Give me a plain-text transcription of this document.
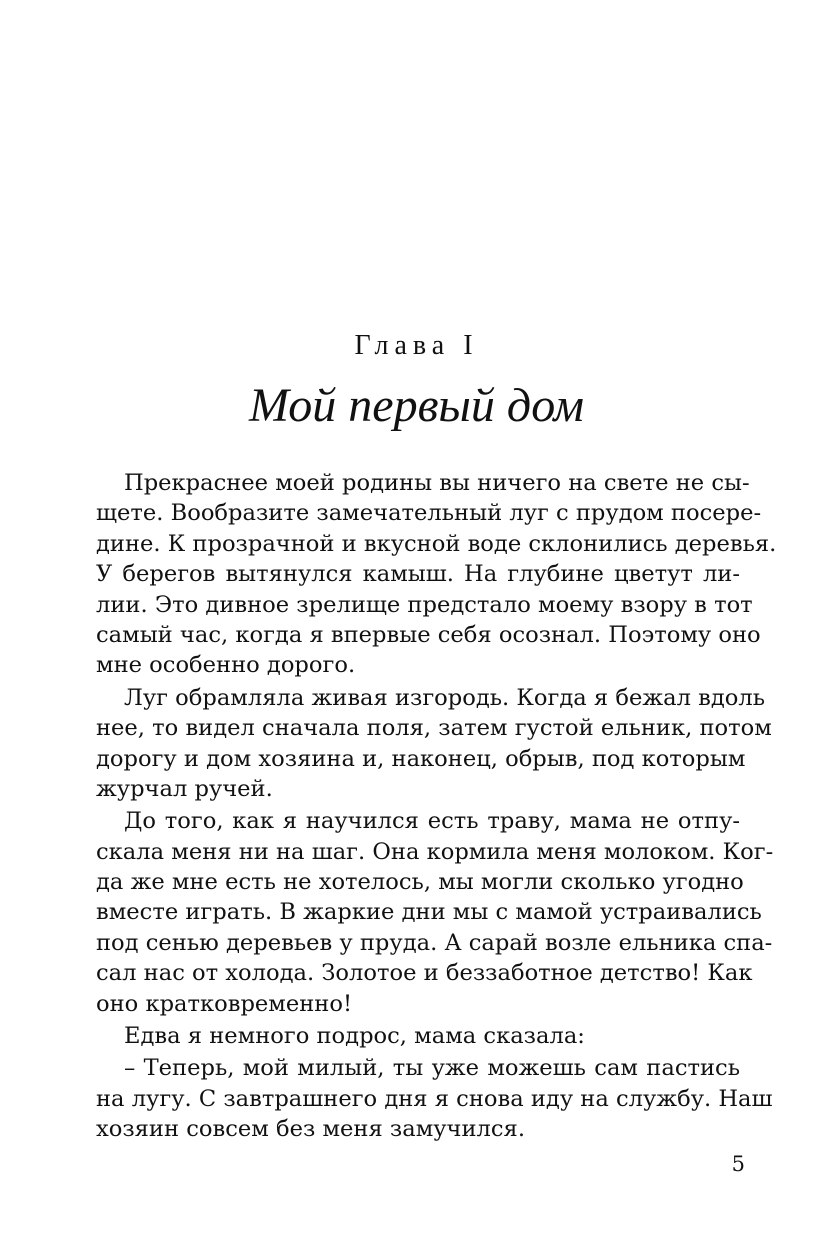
Глава I
Мой первый дом
Прекраснее моей родины вы ничего на свете не сы-
щете. Вообразите замечательный луг с прудом посере-
дине. К прозрачной и вкусной воде склонились деревья.
У берегов вытянулся камыш. На глубине цветут ли-
лии. Это дивное зрелище предстало моему взору в тот
самый час, когда я впервые себя осознал. Поэтому оно
мне особенно дорого.
Луг обрамляла живая изгородь. Когда я бежал вдоль
нее, то видел сначала поля, затем густой ельник, потом
дорогу и дом хозяина и, наконец, обрыв, под которым
журчал ручей.
До того, как я научился есть траву, мама не отпу-
скала меня ни на шаг. Она кормила меня молоком. Ког-
да же мне есть не хотелось, мы могли сколько угодно
вместе играть. В жаркие дни мы с мамой устраивались
под сенью деревьев у пруда. А сарай возле ельника спа-
сал нас от холода. Золотое и беззаботное детство! Как
оно кратковременно!
Едва я немного подрос, мама сказала:
– Теперь, мой милый, ты уже можешь сам пастись
на лугу. С завтрашнего дня я снова иду на службу. Наш
хозяин совсем без меня замучился.
5
